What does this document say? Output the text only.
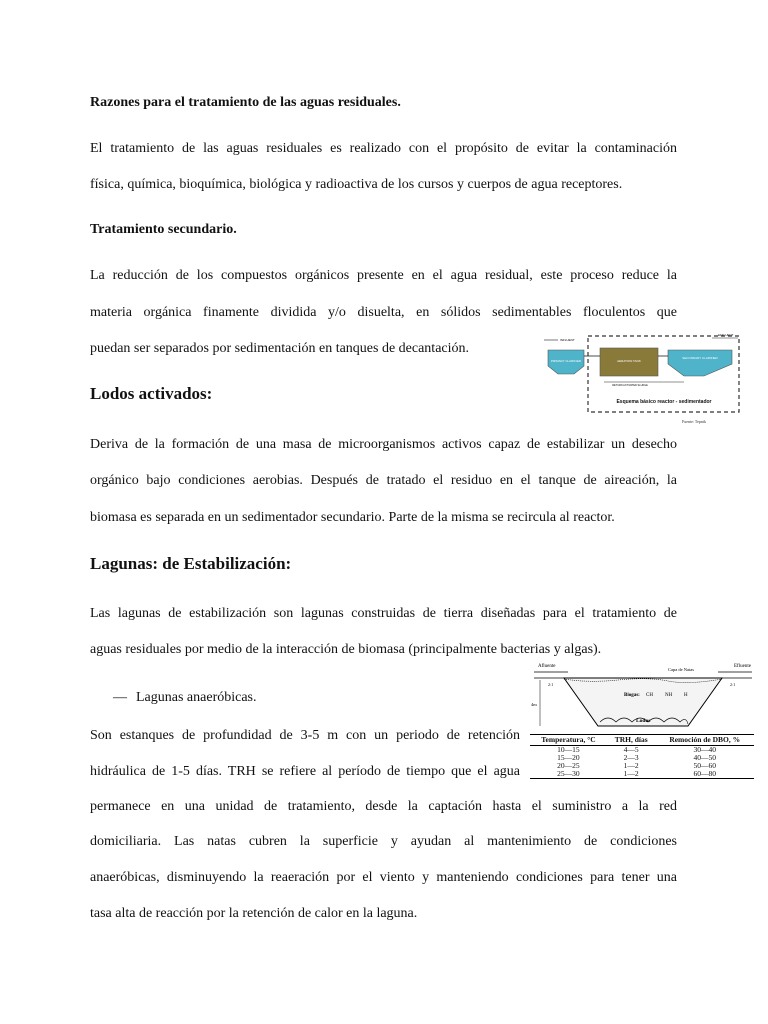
Razones para el tratamiento de las aguas residuales.

El tratamiento de las aguas residuales es realizado con el propósito de evitar la contaminación

física, química, bioquímica, biológica y radioactiva de los cursos y cuerpos de agua receptores.

Tratamiento secundario.

La reducción de los compuestos orgánicos presente en el agua residual, este proceso reduce la

materia orgánica finamente dividida y/o disuelta, en sólidos sedimentables floculentos que

puedan ser separados por sedimentación en tanques de decantación.

PRIMARY CLARIFIER	AERATION TANK
SECONDARY CLARIFIER
INFLUENT
EFFLUENT
RETURN ACTIVATED SLUDGE
Esquema básico reactor - sedimentador
Fuente: Tepnik

Lodos activados:

Deriva de la formación de una masa de microorganismos activos capaz de estabilizar un desecho

orgánico bajo condiciones aerobias. Después de tratado el residuo en el tanque de aireación, la

biomasa es separada en un sedimentador secundario. Parte de la misma se recircula al reactor.

Lagunas: de Estabilización:

Las lagunas de estabilización son lagunas construidas de tierra diseñadas para el tratamiento de

aguas residuales por medio de la interacción de biomasa (principalmente bacterias y algas).

— Lagunas anaeróbicas.

Son estanques de profundidad de 3-5 m con un periodo de retención

hidráulica de 1-5 días. TRH se refiere al período de tiempo que el agua

permanece en una unidad de tratamiento, desde la captación hasta el suministro a la red

domiciliaria. Las natas cubren la superficie y ayudan al mantenimiento de condiciones

anaeróbicas, disminuyendo la reaeración por el viento y manteniendo condiciones para tener una

tasa alta de reacción por la retención de calor en la laguna.

Afluente	Efluente
Capa de Natas
Biogas: CH NH H
Lodos
4m
2:1	2:1
Temperatura, °C	TRH, días	Remoción de DBO, %
10—15	4—5	30—40
15—20	2—3	40—50
20—25	1—2	50—60
25—30	1—2	60—80
